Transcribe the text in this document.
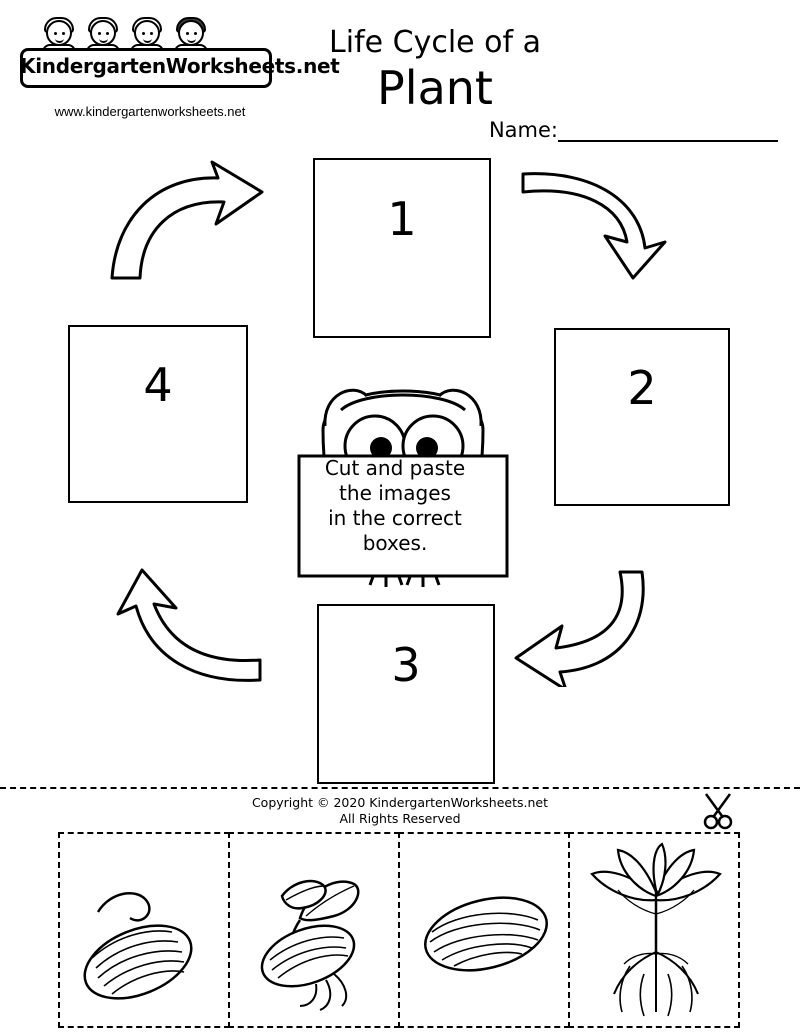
KindergartenWorksheets.net
www.kindergartenworksheets.net
Life Cycle of a
Plant
Name:
1
2
3
4
Cut and paste
the images
in the correct
boxes.
Copyright © 2020 KindergartenWorksheets.net
All Rights Reserved
